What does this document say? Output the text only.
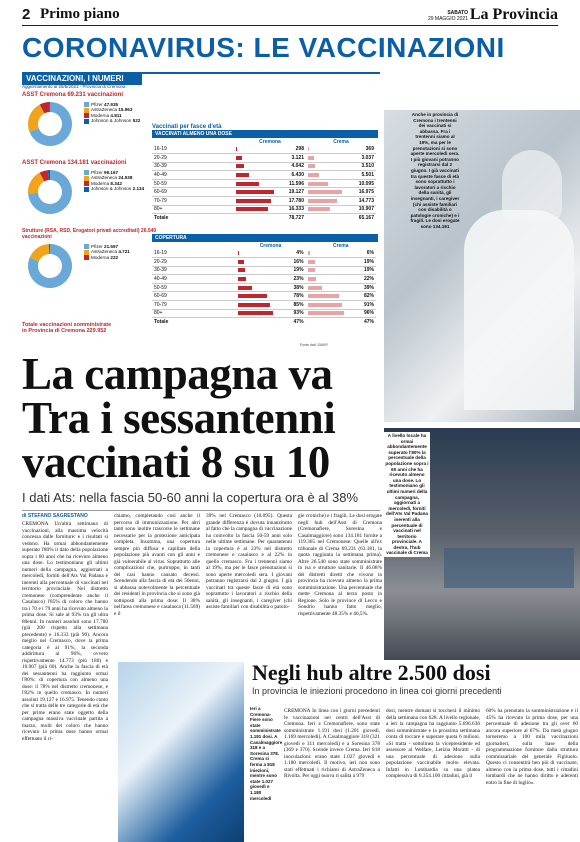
2 Primo piano	SABATO
29 MAGGIO 2021 La Provincia
CORONAVIRUS: LE VACCINAZIONI
VACCINAZIONI, I NUMERI
Aggiornamento al 26/5/2021 - Provincia di Cremona
ASST Cremona 69.231 vaccinazioni
Pfizer 47.935
AstraZeneca 15.963
Moderna 4.811
Johnson & Johnson 522
ASST Cremona 134.181 vaccinazioni
Pfizer 99.167
AstraZeneca 24.538
Moderna 8.342
Johnson & Johnson 2.134
Strutture (RSA, RSD, Erogatori privati accreditati) 26.540 vaccinazioni
Pfizer 21.597
AstraZeneca 4.721
Moderna 222
Totale vaccinazioni somministrate
in Provincia di Cremona 229.952
Vaccinati per fasce d'età
VACCINATI ALMENO UNA DOSE
	Cremona		Crema	
16-19		298		369
20-29		3.121		3.037
30-39		4.042		3.510
40-49		6.430		5.501
50-59		11.596		10.095
60-69		19.127		16.975
70-79		17.780		14.773
80+		16.333		10.907
Totale		78.727		65.167
COPERTURA
	Cremona		Crema	
16-19		4%		6%
20-29		16%		19%
30-39		19%		19%
40-49		23%		22%
50-59		38%		39%
60-69		78%		82%
70-79		85%		91%
80+		93%		96%
Totale		47%		47%
Fonte dati: SIAVR
Anche in provincia di Cremona i trentenni dei vaccinati si abbassa. Fra i trentenni siamo al 19%, ma per le prenotazioni si sono aperte mercoledì sera. I più giovani potranno registrarsi dal 2 giugno. I già vaccinati tra queste fasce di età sono soprattutto i lavoratori a rischio della sanità, gli insegnanti, i caregiver (chi assiste familiari con disabilità o patologie croniche) e i fragili. Le dosi erogate sono 134.181
La campagna va Tra i sessantenni vaccinati 8 su 10
I dati Ats: nella fascia 50-60 anni la copertura ora è al 38%
di STEFANO SAGRESTANO
CREMONA Un'altra settimana di vaccinazioni, alla massima velocità concessa dalle forniture: e i risultati si vedono. Ha ormai abbondantemente superato l'80% il dato della popolazione sopra i 60 anni che ha ricevuto almeno una dose. Lo testimoniano gli ultimi numeri della campagna, aggiornati a mercoledì, forniti dell'Ats Val Padana e inerenti alla percentuale di vaccinati nel territorio provinciale. Nel distretto cremonese (comprendente anche il Casalasco) l'85% di coloro che hanno tra i 70 e i 79 anni ha ricevuto almeno la prima dose. Si sale al 93% tra gli ultra 80enni. In numeri assoluti sono 17.780 (già 200 rispetto alla settimana precedente) e 16.333 (più 90). Ancora meglio nel Cremasco, dove la prima categoria è al 91%, la seconda addirittura al 96%, ovvero rispettivamente 14.773 (più 180) e 10.907 (più 60). Anche la fascia di età dei sessantenni ha raggiunto ormai l'80%: di copertura con almeno una dose: il 78% nel distretto cremonese, e l'82% in quello cremasco. In numeri assoluti 19.127 e 16.975. Tenendo conto che si tratta delle tre categorie di età che per prime erano state oggetto della campagna massiva vaccinale partita a marzo, molti dei coloro che hanno ricevuto la prima dose hanno ormai effettuato il ri-
chiamo, completando così anche il percorso di immunizzazione. Per altri tanti sono inoltre trascorse le settimane necessarie per la protezione anticipata completa. Insomma, una copertura sempre più diffusa e capillare della popolazione più avanti con gli anni e già vulnerabile al virus. Soprattutto alle complicazioni che, purtroppo, in tanti dei casi hanno causato decessi. Scendendo alla fascia di età dei 50enni, si abbassa notevolmente la percentuale dei residenti in provincia che si sono già sottoposti alla prima dose: Il 38% nell'area cremonese e casalasca (11.569) e il
39% nel Cremasco (10.095). Questa grande differenza è dovuta innanzitutto al fatto che la campagna di vaccinazione ha coinvolto la fascia 50-59 anni solo nelle ultime settimane. Per quarantenni la copertura è al 23% nel distretto cremonese e casalasco e al 22% in quello cremasco. Fra i trentenni siamo al 19%, ma per le fasce prenotazioni si sono aperte mercoledì sera. I giovani potranno registrarsi dal 2 giugno. I già vaccinati tra queste fasce di età sono soprattutto i lavoratori a rischio della sanità, gli insegnanti, i caregiver (chi assiste familiari con disabilità o patolo-
gie croniche) e i fragili. Le dosi erogate negli hub dell'Asst di Cremona (Cremonafiere, Soresina e Casalmaggiore) sono 134.181 fornite a 119.365 nel Cremonese: Quelle all'ex tribunale di Crema 69.231 (63.181, la quota raggiunta la settimana prima). Altre 26.540 sono state somministrate in rsa e strutture sanitarie. Il 46.08% dei distretti diretti che vivono in provincia ha ricevuto almeno la prima somministrazione. Una percentuale che mette Cremona al terzo posto in Regione. Solo le province di Lecco e Sondrio hanno fatto meglio, rispettivamente 48.35% e 46,5%.
A livello locale ha ormai abbondantemente superato l'80% la percentuale della popolazione sopra i 60 anni che ha ricevuto almeno una dose. Lo testimoniano gli ultimi numeri della campagna, aggiornati a mercoledì, forniti dell'Ats Val Padana inerenti alla percentuale di vaccinati nel territorio provinciale. A destra, l'hub vaccinale di Crema
Negli hub altre 2.500 dosi
In provincia le iniezioni procedono in linea coi giorni precedenti
Ieri a Cremona-Fiere sono state somministrate 1.191 dosi. A Casalmaggiore 318 e a Soresina 378. Crema si ferma a 818 iniezioni, mentre sono state 1.027 giovedì e 1.180 mercoledì
CREMONA In linea con i giorni precedenti le vaccinazioni nei centri dell'Asst di Cremona. Ieri a Cremonafiere, sono state somministrate 1.191 dosi (1.201 giovedì, 1.169 mercoledì). A Casalmaggiore 318 (321 giovedì e 311 mercoledì) e a Soresina 378 (369 e 370). Scende invece Crema. Ieri 818 inoculazioni: erano state 1.027 giovedì e 1.180 mercoledì. Il motivo, ieri non sono stati effettuati i richiami di AstraZeneca a Rivolta. Per oggi nuova ri salita a 979
dosi, mentre domani si toccherà il minimo della settimana con 628. A livello regionale, a ieri la campagna ha raggiunto 5.696.636 dosi somministrate e la prossima settimana conta di toccare e superare quota 6 milioni. «Si tratta - sottolinea la vicepresidente ed assessore al Welfare, Letizia Moratti - di una percentuale di adesione sulla popolazione vaccinabile molto elevata. Infatti in Lombardia su una platea complessiva di 8.354.100 cittadini, già il
60% ha prenotato la somministrazione e il 45% ha ricevuto la prima dose, per una percentuale di adesione tra gli over 60 ancora superiore al 67%. Da metà giugno torneremo a 100 mila vaccinazioni giornalieri, sulla base della programmazione forniture dalla struttura commissariale del generale Figliuolo. Questo ci consentirà ben più di vaccinare, almeno con la prima dose, tutti i cittadini lombardi che ne hanno diritto e aderenti entro la fine di luglio».
